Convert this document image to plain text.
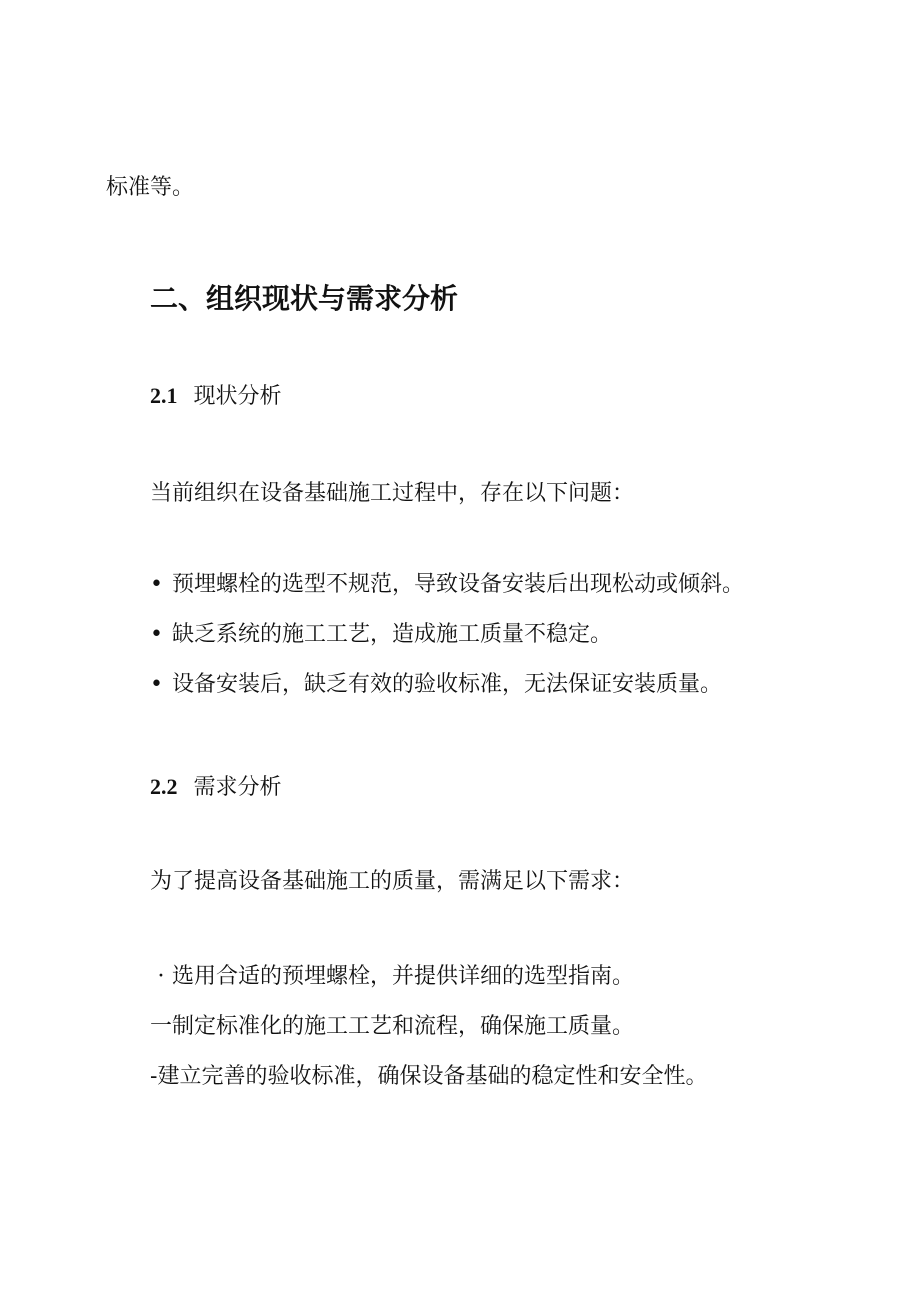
标准等。
二、组织现状与需求分析
2.1 现状分析
当前组织在设备基础施工过程中，存在以下问题：
• 预埋螺栓的选型不规范，导致设备安装后出现松动或倾斜。
• 缺乏系统的施工工艺，造成施工质量不稳定。
• 设备安装后，缺乏有效的验收标准，无法保证安装质量。
2.2 需求分析
为了提高设备基础施工的质量，需满足以下需求：
· 选用合适的预埋螺栓，并提供详细的选型指南。
一制定标准化的施工工艺和流程，确保施工质量。
-建立完善的验收标准，确保设备基础的稳定性和安全性。
